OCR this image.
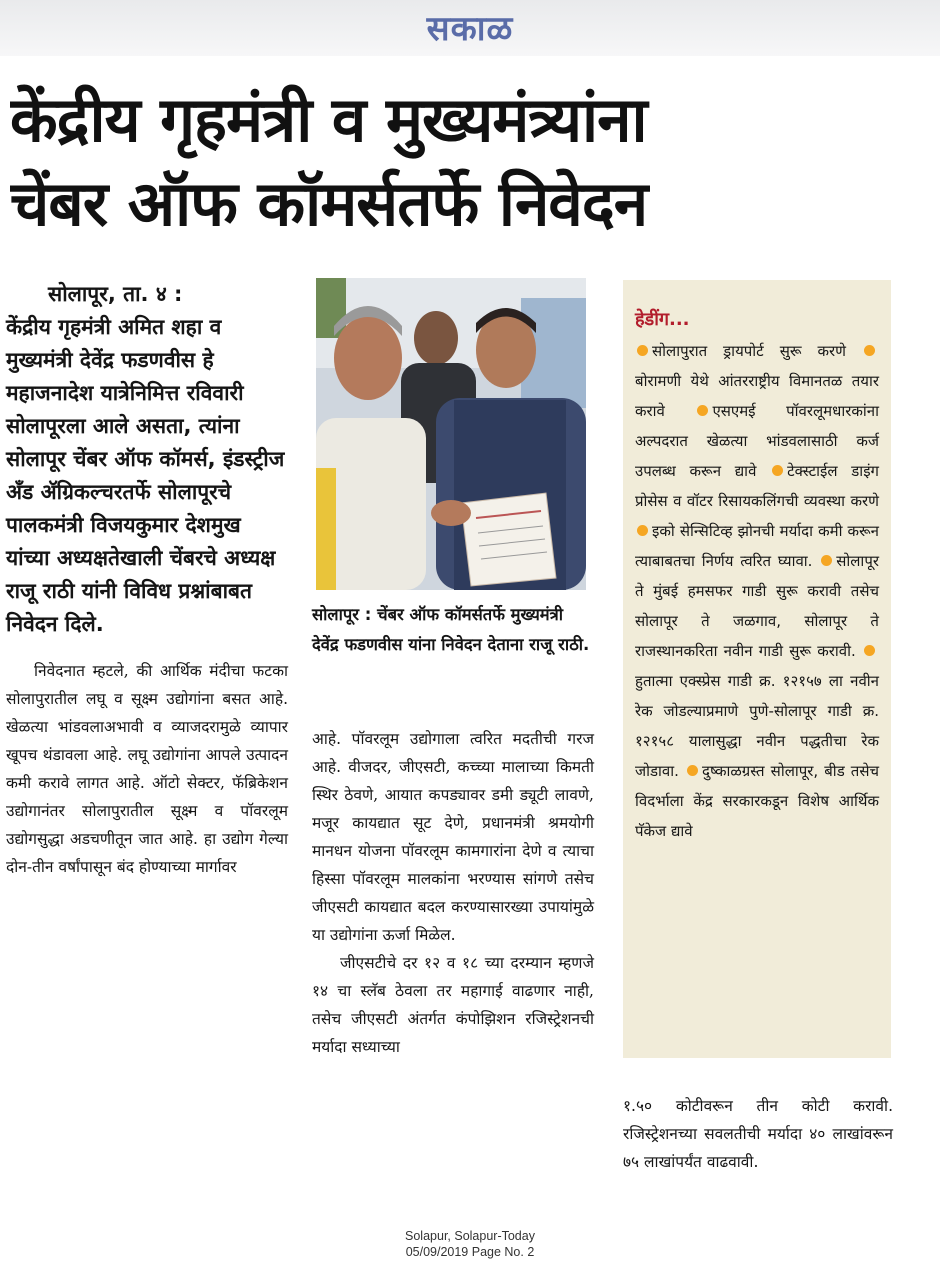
सकाळ
केंद्रीय गृहमंत्री व मुख्यमंत्र्यांना
चेंबर ऑफ कॉमर्सतर्फे निवेदन

सोलापूर, ता. ४ :
केंद्रीय गृहमंत्री अमित शहा व मुख्यमंत्री देवेंद्र फडणवीस हे महाजनादेश यात्रेनिमित्त रविवारी सोलापूरला आले असता, त्यांना सोलापूर चेंबर ऑफ कॉमर्स, इंडस्ट्रीज अँड ॲग्रिकल्चरतर्फे सोलापूरचे पालकमंत्री विजयकुमार देशमुख यांच्या अध्यक्षतेखाली चेंबरचे अध्यक्ष राजू राठी यांनी विविध प्रश्नांबाबत निवेदन दिले.

निवेदनात म्हटले, की आर्थिक मंदीचा फटका सोलापुरातील लघू व सूक्ष्म उद्योगांना बसत आहे. खेळत्या भांडवलाअभावी व व्याजदरामुळे व्यापार खूपच थंडावला आहे. लघू उद्योगांना आपले उत्पादन कमी करावे लागत आहे. ऑटो सेक्टर, फॅब्रिकेशन उद्योगानंतर सोलापुरातील सूक्ष्म व पॉवरलूम उद्योगसुद्धा अडचणीतून जात आहे. हा उद्योग गेल्या दोन-तीन वर्षांपासून बंद होण्याच्या मार्गावर

सोलापूर : चेंबर ऑफ कॉमर्सतर्फे मुख्यमंत्री देवेंद्र फडणवीस यांना निवेदन देताना राजू राठी.

आहे. पॉवरलूम उद्योगाला त्वरित मदतीची गरज आहे. वीजदर, जीएसटी, कच्च्या मालाच्या किमती स्थिर ठेवणे, आयात कपड्यावर डमी ड्यूटी लावणे, मजूर कायद्यात सूट देणे, प्रधानमंत्री श्रमयोगी मानधन योजना पॉवरलूम कामगारांना देणे व त्याचा हिस्सा पॉवरलूम मालकांना भरण्यास सांगणे तसेच जीएसटी कायद्यात बदल करण्यासारख्या उपायांमुळे या उद्योगांना ऊर्जा मिळेल.

जीएसटीचे दर १२ व १८ च्या दरम्यान म्हणजे १४ चा स्लॅब ठेवला तर महागाई वाढणार नाही, तसेच जीएसटी अंतर्गत कंपोझिशन रजिस्ट्रेशनची मर्यादा सध्याच्या

हेडींग...

सोलापुरात ड्रायपोर्ट सुरू करणे बोरामणी येथे आंतरराष्ट्रीय विमानतळ तयार करावे	एसएमई पॉवरलूमधारकांना अल्पदरात खेळत्या भांडवलासाठी कर्ज उपलब्ध करून द्यावे टेक्स्टाईल डाइंग प्रोसेस व वॉटर रिसायकलिंगची व्यवस्था करणे इको सेन्सिटिव्ह झोनची मर्यादा कमी करून त्याबाबतचा निर्णय त्वरित घ्यावा. सोलापूर ते मुंबई हमसफर गाडी सुरू करावी तसेच सोलापूर ते जळगाव, सोलापूर ते राजस्थानकरिता नवीन गाडी सुरू करावी. हुतात्मा एक्स्प्रेस गाडी क्र. १२१५७ ला नवीन रेक जोडल्याप्रमाणे पुणे-सोलापूर गाडी क्र. १२१५८ यालासुद्धा नवीन पद्धतीचा रेक जोडावा. दुष्काळग्रस्त सोलापूर, बीड तसेच विदर्भाला केंद्र सरकारकडून विशेष आर्थिक पॅकेज द्यावे

१.५० कोटीवरून तीन कोटी करावी. रजिस्ट्रेशनच्या सवलतीची मर्यादा ४० लाखांवरून ७५ लाखांपर्यंत वाढवावी.

Solapur, Solapur-Today
05/09/2019 Page No. 2
